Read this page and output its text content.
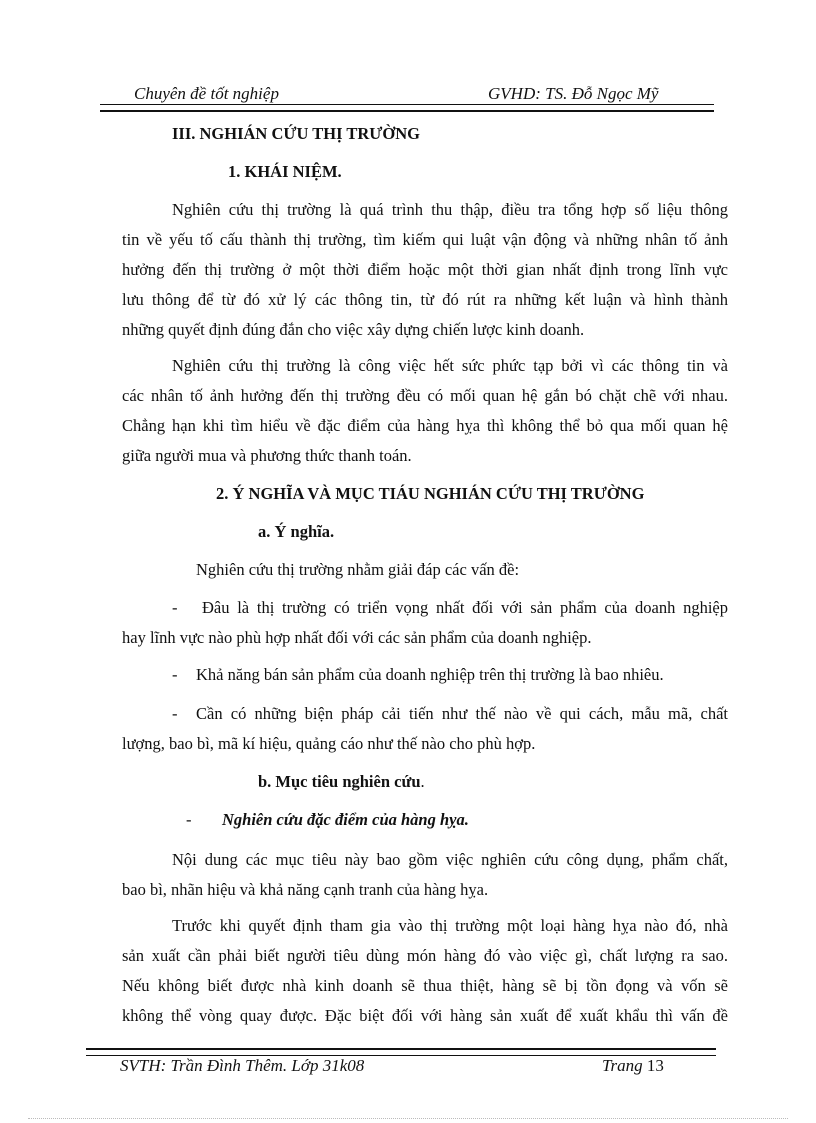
Chuyên đề tốt nghiệp	GVHD: TS. Đỗ Ngọc Mỹ
III. NGHIÁN CỨU THỊ TRƯỜNG
1. KHÁI NIỆM.
Nghiên cứu thị trường là quá trình thu thập, điều tra tổng hợp số liệu thông
tin về yếu tố cấu thành thị trường, tìm kiếm qui luật vận động và những nhân tố ảnh
hưởng đến thị trường ở một thời điểm hoặc một thời gian nhất định trong lĩnh vực
lưu thông để từ đó xử lý các thông tin, từ đó rút ra những kết luận và hình thành
những quyết định đúng đắn cho việc xây dựng chiến lược kinh doanh.
Nghiên cứu thị trường là công việc hết sức phức tạp bởi vì các thông tin và
các nhân tố ảnh hưởng đến thị trường đều có mối quan hệ gắn bó chặt chẽ với nhau.
Chẳng hạn khi tìm hiểu về đặc điểm của hàng hỵa thì không thể bỏ qua mối quan hệ
giữa người mua và phương thức thanh toán.
2. Ý NGHĨA VÀ MỤC TIÁU NGHIÁN CỨU THỊ TRƯỜNG
a. Ý nghĩa.
Nghiên cứu thị trường nhằm giải đáp các vấn đề:
- Đâu là thị trường có triển vọng nhất đối với sản phẩm của doanh nghiệp
hay lĩnh vực nào phù hợp nhất đối với các sản phẩm của doanh nghiệp.
- Khả năng bán sản phẩm của doanh nghiệp trên thị trường là bao nhiêu.
- Cần có những biện pháp cải tiến như thế nào về qui cách, mẫu mã, chất
lượng, bao bì, mã kí hiệu, quảng cáo như thế nào cho phù hợp.
b. Mục tiêu nghiên cứu.
- Nghiên cứu đặc điểm của hàng hỵa.
Nội dung các mục tiêu này bao gồm việc nghiên cứu công dụng, phẩm chất,
bao bì, nhãn hiệu và khả năng cạnh tranh của hàng hỵa.
Trước khi quyết định tham gia vào thị trường một loại hàng hỵa nào đó, nhà
sản xuất cần phải biết người tiêu dùng món hàng đó vào việc gì, chất lượng ra sao.
Nếu không biết được nhà kinh doanh sẽ thua thiệt, hàng sẽ bị tồn đọng và vốn sẽ
không thể vòng quay được. Đặc biệt đối với hàng sản xuất để xuất khẩu thì vấn đề
SVTH: Trần Đình Thêm. Lớp 31k08	Trang 13
